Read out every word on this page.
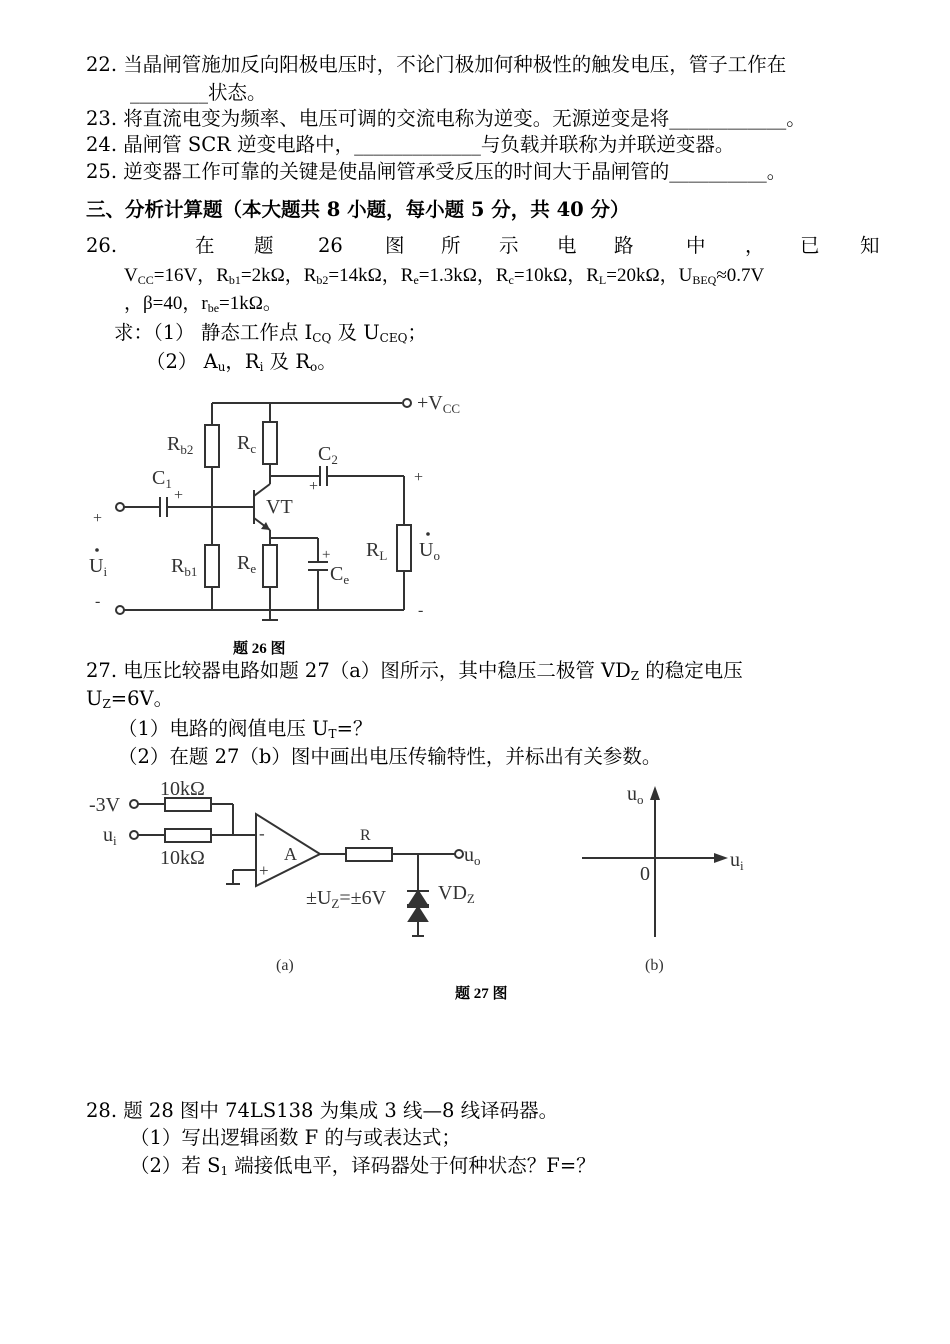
22. 当晶闸管施加反向阳极电压时，不论门极加何种极性的触发电压，管子工作在
________状态。
23. 将直流电变为频率、电压可调的交流电称为逆变。无源逆变是将____________。
24. 晶闸管 SCR 逆变电路中，_____________与负载并联称为并联逆变器。
25. 逆变器工作可靠的关键是使晶闸管承受反压的时间大于晶闸管的__________。
三、分析计算题（本大题共 8 小题，每小题 5 分，共 40 分）
26.	在 题 26 图 所 示 电 路	中 ， 已 知
$V_{CC}=16V$，$R_{b1}=2k\Omega$，$R_{b2}=14k\Omega$，$R_e=1.3k\Omega$，$R_c=10k\Omega$，$R_L=20k\Omega$，$U_{BEQ}\approx 0.7V$
，β=40，$r_{be}=1k\Omega$。
求：（1） 静态工作点 $I_{CQ}$ 及 $U_{CEQ}$；
（2） $A_u$，$R_i$ 及 $R_o$。
$+V_{CC}$
$R_{b2}$ $R_c$
$C_1$
+
$C_2$
+
+
VT
$R_{b1}$ $R_e$
+
$C_e$
$R_L$ $U_o$
+
$U_i$
-
-
题 26 图
27. 电压比较器电路如题 27（a）图所示，其中稳压二极管 $VD_Z$ 的稳定电压
$U_Z=6V$。
（1）电路的阀值电压 $U_T=$？
（2）在题 27（b）图中画出电压传输特性，并标出有关参数。
-3V
10kΩ
$u_i$
10kΩ
-
+
A
R
$u_o$
$\pm U_Z=\pm 6V$	$VD_Z$
(a)
$u_o$
$u_i$
0
(b)
题 27 图
28. 题 28 图中 74LS138 为集成 3 线—8 线译码器。
（1）写出逻辑函数 F 的与或表达式；
（2）若 $S_1$ 端接低电平，译码器处于何种状态？F=？
